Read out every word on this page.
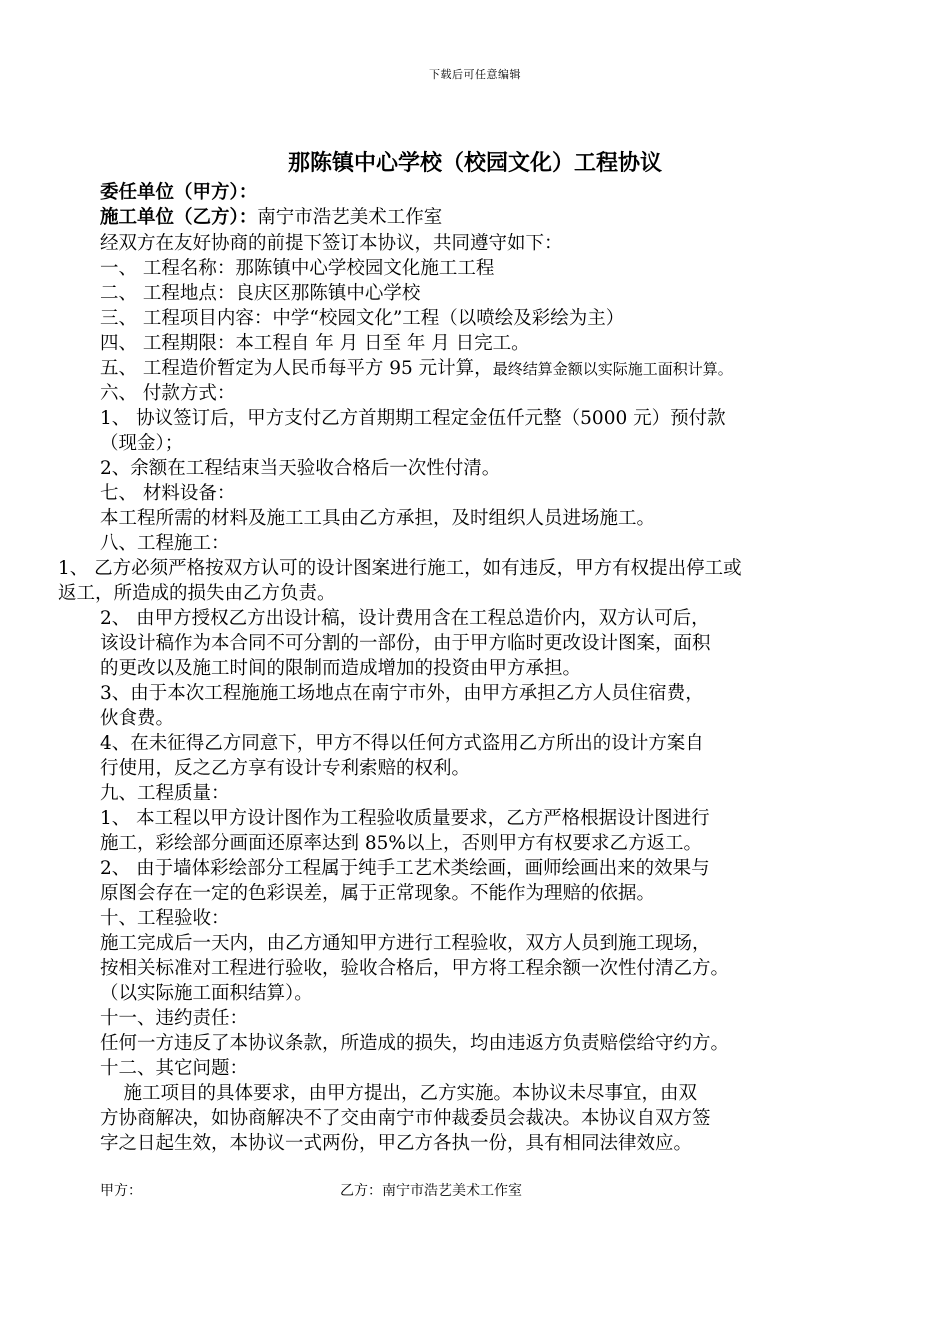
下载后可任意编辑
那陈镇中心学校（校园文化）工程协议
委任单位（甲方）：
施工单位（乙方）：南宁市浩艺美术工作室
经双方在友好协商的前提下签订本协议，共同遵守如下：
一、 工程名称：那陈镇中心学校园文化施工工程
二、 工程地点：良庆区那陈镇中心学校
三、 工程项目内容：中学“校园文化”工程（以喷绘及彩绘为主）
四、 工程期限：本工程自 年 月 日至 年 月 日完工。
五、 工程造价暂定为人民币每平方 95 元计算，最终结算金额以实际施工面积计算。
六、 付款方式：
1、 协议签订后，甲方支付乙方首期期工程定金伍仟元整（5000 元）预付款
（现金）；
2、余额在工程结束当天验收合格后一次性付清。
七、 材料设备：
本工程所需的材料及施工工具由乙方承担，及时组织人员进场施工。
八、工程施工：
1、 乙方必须严格按双方认可的设计图案进行施工，如有违反，甲方有权提出停工或
返工，所造成的损失由乙方负责。
2、 由甲方授权乙方出设计稿，设计费用含在工程总造价内，双方认可后，
该设计稿作为本合同不可分割的一部份，由于甲方临时更改设计图案，面积
的更改以及施工时间的限制而造成增加的投资由甲方承担。
3、由于本次工程施施工场地点在南宁市外，由甲方承担乙方人员住宿费，
伙食费。
4、在未征得乙方同意下，甲方不得以任何方式盗用乙方所出的设计方案自
行使用，反之乙方享有设计专利索赔的权利。
九、工程质量：
1、 本工程以甲方设计图作为工程验收质量要求，乙方严格根据设计图进行
施工，彩绘部分画面还原率达到 85%以上，否则甲方有权要求乙方返工。
2、 由于墙体彩绘部分工程属于纯手工艺术类绘画，画师绘画出来的效果与
原图会存在一定的色彩误差，属于正常现象。不能作为理赔的依据。
十、工程验收：
施工完成后一天内，由乙方通知甲方进行工程验收，双方人员到施工现场，
按相关标准对工程进行验收，验收合格后，甲方将工程余额一次性付清乙方。
（以实际施工面积结算）。
十一、违约责任：
任何一方违反了本协议条款，所造成的损失，均由违返方负责赔偿给守约方。
十二、其它问题：
施工项目的具体要求，由甲方提出，乙方实施。本协议未尽事宜，由双
方协商解决，如协商解决不了交由南宁市仲裁委员会裁决。本协议自双方签
字之日起生效，本协议一式两份，甲乙方各执一份，具有相同法律效应。
甲方：	乙方：南宁市浩艺美术工作室
